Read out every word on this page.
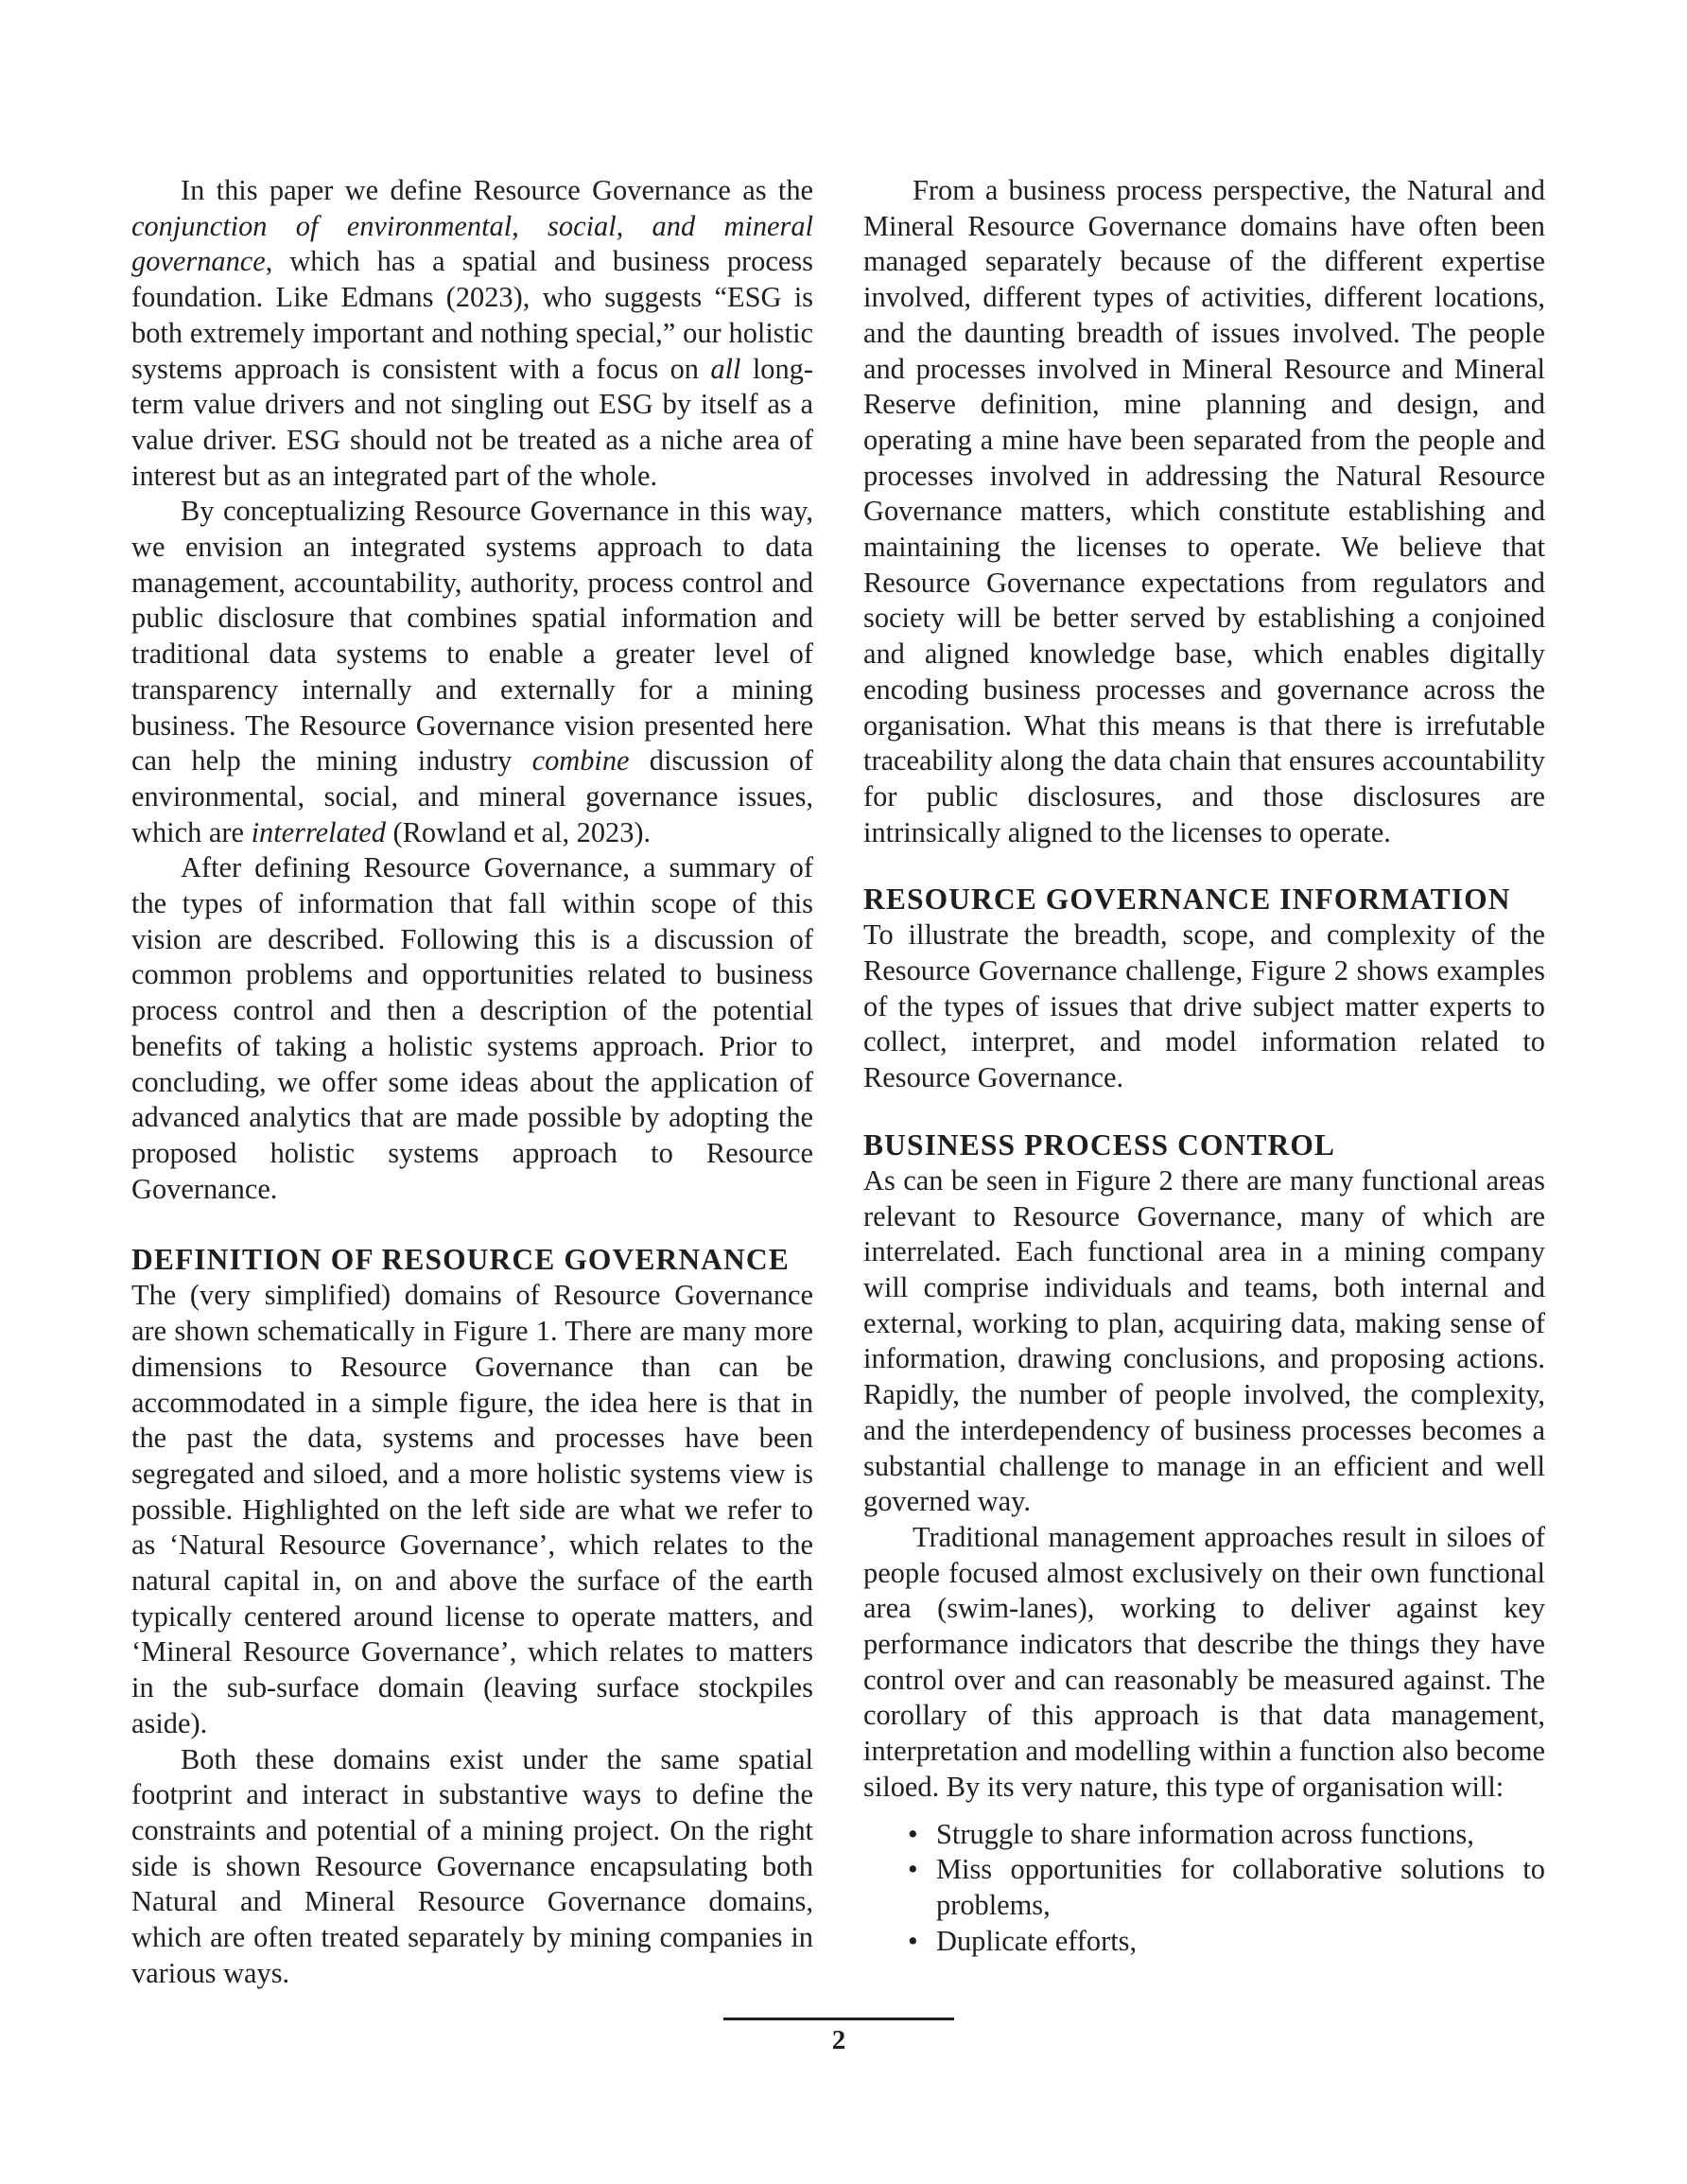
In this paper we define Resource Governance as the conjunction of environmental, social, and mineral governance, which has a spatial and business process foundation. Like Edmans (2023), who suggests “ESG is both extremely important and nothing special,” our holistic systems approach is consistent with a focus on all long-term value drivers and not singling out ESG by itself as a value driver. ESG should not be treated as a niche area of interest but as an integrated part of the whole.

By conceptualizing Resource Governance in this way, we envision an integrated systems approach to data management, accountability, authority, process control and public disclosure that combines spatial information and traditional data systems to enable a greater level of transparency internally and externally for a mining business. The Resource Governance vision presented here can help the mining industry combine discussion of environmental, social, and mineral governance issues, which are interrelated (Rowland et al, 2023).

After defining Resource Governance, a summary of the types of information that fall within scope of this vision are described. Following this is a discussion of common problems and opportunities related to business process control and then a description of the potential benefits of taking a holistic systems approach. Prior to concluding, we offer some ideas about the application of advanced analytics that are made possible by adopting the proposed holistic systems approach to Resource Governance.

DEFINITION OF RESOURCE GOVERNANCE

The (very simplified) domains of Resource Governance are shown schematically in Figure 1. There are many more dimensions to Resource Governance than can be accommodated in a simple figure, the idea here is that in the past the data, systems and processes have been segregated and siloed, and a more holistic systems view is possible. Highlighted on the left side are what we refer to as ‘Natural Resource Governance’, which relates to the natural capital in, on and above the surface of the earth typically centered around license to operate matters, and ‘Mineral Resource Governance’, which relates to matters in the sub-surface domain (leaving surface stockpiles aside).

Both these domains exist under the same spatial footprint and interact in substantive ways to define the constraints and potential of a mining project. On the right side is shown Resource Governance encapsulating both Natural and Mineral Resource Governance domains, which are often treated separately by mining companies in various ways.

From a business process perspective, the Natural and Mineral Resource Governance domains have often been managed separately because of the different expertise involved, different types of activities, different locations, and the daunting breadth of issues involved. The people and processes involved in Mineral Resource and Mineral Reserve definition, mine planning and design, and operating a mine have been separated from the people and processes involved in addressing the Natural Resource Governance matters, which constitute establishing and maintaining the licenses to operate. We believe that Resource Governance expectations from regulators and society will be better served by establishing a conjoined and aligned knowledge base, which enables digitally encoding business processes and governance across the organisation. What this means is that there is irrefutable traceability along the data chain that ensures accountability for public disclosures, and those disclosures are intrinsically aligned to the licenses to operate.

RESOURCE GOVERNANCE INFORMATION

To illustrate the breadth, scope, and complexity of the Resource Governance challenge, Figure 2 shows examples of the types of issues that drive subject matter experts to collect, interpret, and model information related to Resource Governance.

BUSINESS PROCESS CONTROL

As can be seen in Figure 2 there are many functional areas relevant to Resource Governance, many of which are interrelated. Each functional area in a mining company will comprise individuals and teams, both internal and external, working to plan, acquiring data, making sense of information, drawing conclusions, and proposing actions. Rapidly, the number of people involved, the complexity, and the interdependency of business processes becomes a substantial challenge to manage in an efficient and well governed way.

Traditional management approaches result in siloes of people focused almost exclusively on their own functional area (swim-lanes), working to deliver against key performance indicators that describe the things they have control over and can reasonably be measured against. The corollary of this approach is that data management, interpretation and modelling within a function also become siloed. By its very nature, this type of organisation will:

• Struggle to share information across functions,
• Miss opportunities for collaborative solutions to problems,
• Duplicate efforts,
2
